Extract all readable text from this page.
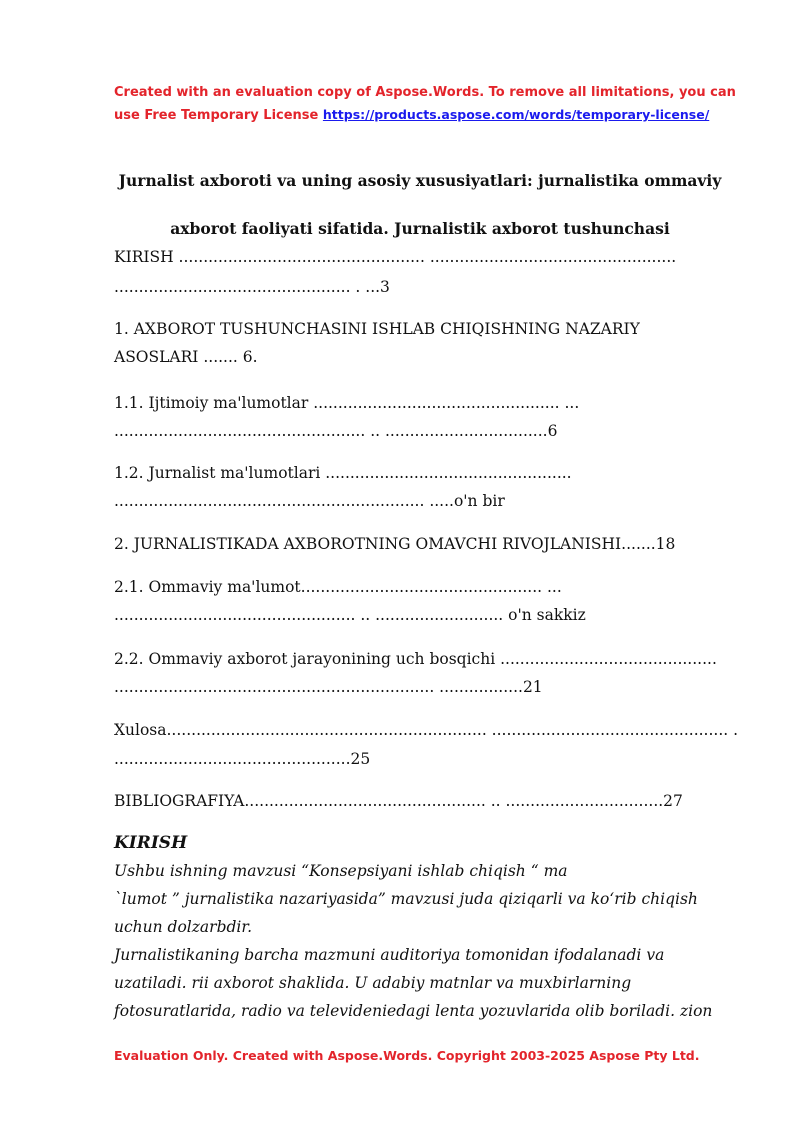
Created with an evaluation copy of Aspose.Words. To remove all limitations, you can use Free Temporary License https://products.aspose.com/words/temporary-license/
Jurnalist axboroti va uning asosiy xususiyatlari: jurnalistika ommaviy
axborot faoliyati sifatida. Jurnalistik axborot tushunchasi
KIRISH .................................................. ..................................................
................................................ . ...3
1. AXBOROT TUSHUNCHASINI ISHLAB CHIQISHNING NAZARIY
ASOSLARI ....... 6.
1.1. Ijtimoiy ma'lumotlar .................................................. ...
................................................... .. .................................6
1.2. Jurnalist ma'lumotlari ..................................................
............................................................... .....o'n bir
2. JURNALISTIKADA AXBOROTNING OMAVCHI RIVOJLANISHI.......18
2.1. Ommaviy ma'lumot................................................. ...
................................................. .. .......................... o'n sakkiz
2.2. Ommaviy axborot jarayonining uch bosqichi ............................................
................................................................. .................21
Xulosa................................................................. ................................................ .
................................................25
BIBLIOGRAFIYA................................................. .. ................................27
KIRISH
Ushbu ishning mavzusi “Konsepsiyani ishlab chiqish “ ma
`lumot ” jurnalistika nazariyasida” mavzusi juda qiziqarli va ko‘rib chiqish
uchun dolzarbdir.
Jurnalistikaning barcha mazmuni auditoriya tomonidan ifodalanadi va
uzatiladi. rii axborot shaklida. U adabiy matnlar va muxbirlarning
fotosuratlarida, radio va televideniedagi lenta yozuvlarida olib boriladi. zion
Evaluation Only. Created with Aspose.Words. Copyright 2003-2025 Aspose Pty Ltd.
